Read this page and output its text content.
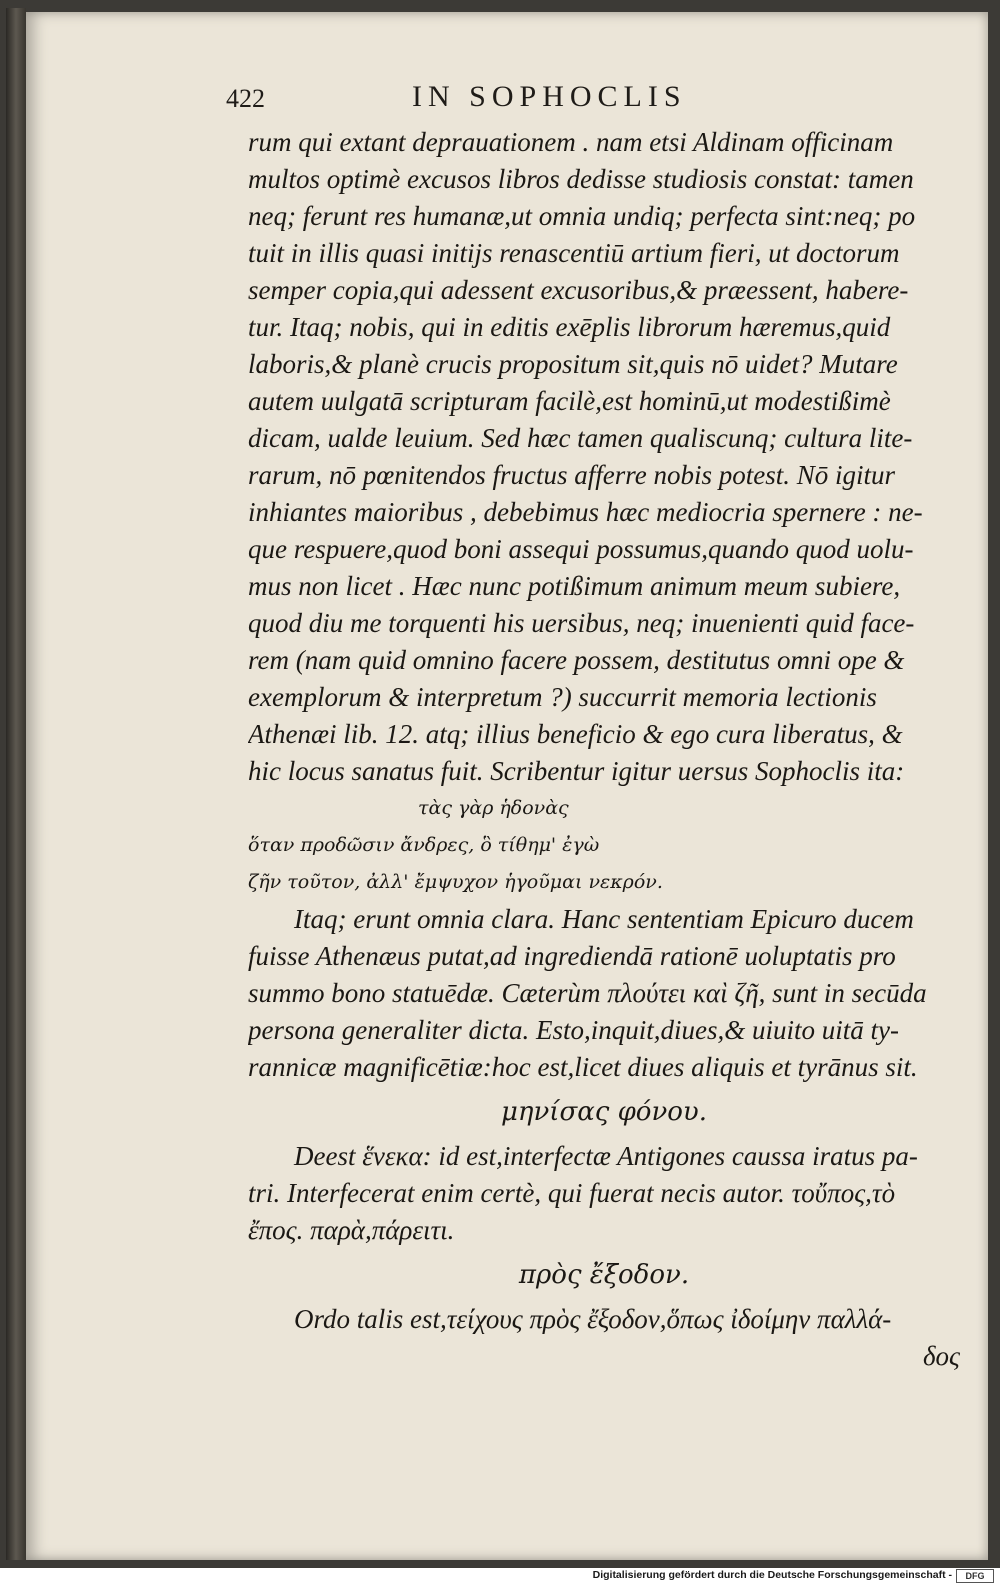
422	IN SOPHOCLIS
rum qui extant deprauationem . nam etsi Aldinam officinam
multos optimè excusos libros dedisse studiosis constat: tamen
neq; ferunt res humanæ,ut omnia undiq; perfecta sint:neq; po
tuit in illis quasi initijs renascentiū artium fieri, ut doctorum
semper copia,qui adessent excusoribus,& præessent, habere-
tur. Itaq; nobis, qui in editis exēplis librorum hæremus,quid
laboris,& planè crucis propositum sit,quis nō uidet? Mutare
autem uulgatā scripturam facilè,est hominū,ut modestißimè
dicam, ualde leuium. Sed hæc tamen qualiscunq; cultura lite-
rarum, nō pœnitendos fructus afferre nobis potest. Nō igitur
inhiantes maioribus , debebimus hæc mediocria spernere : ne-
que respuere,quod boni assequi possumus,quando quod uolu-
mus non licet . Hæc nunc potißimum animum meum subiere,
quod diu me torquenti his uersibus, neq; inuenienti quid face-
rem (nam quid omnino facere possem, destitutus omni ope &
exemplorum & interpretum ?) succurrit memoria lectionis
Athenæi lib. 12. atq; illius beneficio & ego cura liberatus, &
hic locus sanatus fuit. Scribentur igitur uersus Sophoclis ita:
τὰς γὰρ ἡδονὰς
ὅταν προδῶσιν ἄνδρες, ὃ τίθημ' ἐγὼ
ζῆν τοῦτον, ἀλλ' ἔμψυχον ἡγοῦμαι νεκρόν.
Itaq; erunt omnia clara. Hanc sententiam Epicuro ducem
fuisse Athenæus putat,ad ingrediendā rationē uoluptatis pro
summo bono statuēdæ. Cæterùm πλούτει καὶ ζῆ, sunt in secūda
persona generaliter dicta. Esto,inquit,diues,& uiuito uitā ty-
rannicæ magnificētiæ:hoc est,licet diues aliquis et tyrānus sit.
μηνίσας φόνου.
Deest ἕνεκα: id est,interfectæ Antigones caussa iratus pa-
tri. Interfecerat enim certè, qui fuerat necis autor. τοὔπος,τὸ
ἔπος. παρὰ,πάρειτι.
πρὸς ἔξοδον.
Ordo talis est,τείχους πρὸς ἔξοδον,ὅπως ἰδοίμην παλλά-
δος
Digitalisierung gefördert durch die Deutsche Forschungsgemeinschaft -	DFG
